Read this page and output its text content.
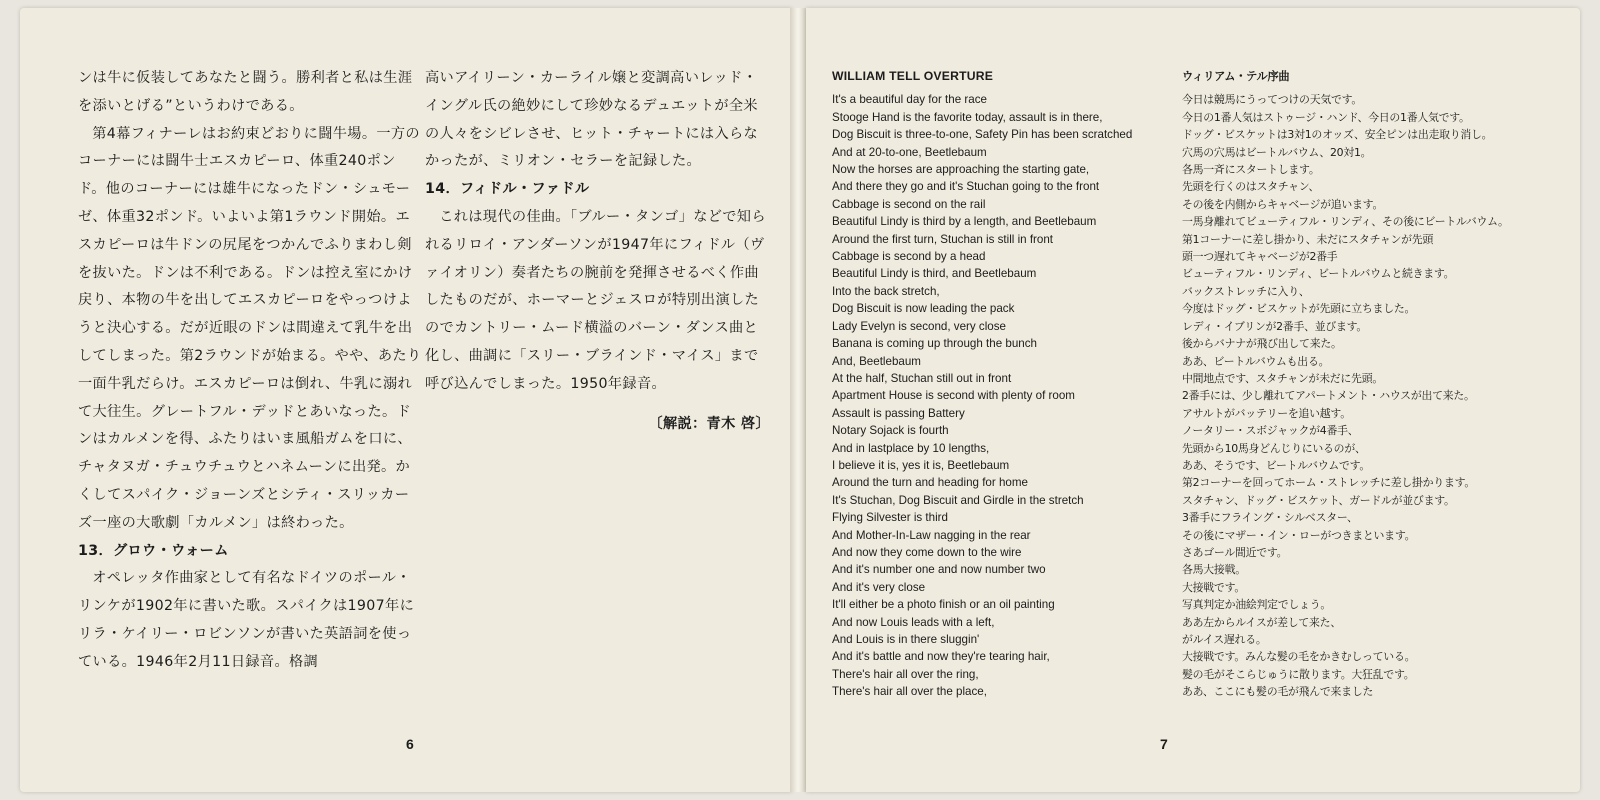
ンは牛に仮装してあなたと闘う。勝利者と私は生涯を添いとげる”というわけである。

第4幕フィナーレはお約束どおりに闘牛場。一方のコーナーには闘牛士エスカピーロ、体重240ポンド。他のコーナーには雄牛になったドン・シュモーゼ、体重32ポンド。いよいよ第1ラウンド開始。エスカピーロは牛ドンの尻尾をつかんでふりまわし剣を抜いた。ドンは不利である。ドンは控え室にかけ戻り、本物の牛を出してエスカピーロをやっつけようと決心する。だが近眼のドンは間違えて乳牛を出してしまった。第2ラウンドが始まる。やや、あたり一面牛乳だらけ。エスカピーロは倒れ、牛乳に溺れて大往生。グレートフル・デッドとあいなった。ドンはカルメンを得、ふたりはいま風船ガムを口に、チャタヌガ・チュウチュウとハネムーンに出発。かくしてスパイク・ジョーンズとシティ・スリッカーズ一座の大歌劇「カルメン」は終わった。

13．グロウ・ウォーム

オペレッタ作曲家として有名なドイツのポール・リンケが1902年に書いた歌。スパイクは1907年にリラ・ケイリー・ロビンソンが書いた英語詞を使っている。1946年2月11日録音。格調

高いアイリーン・カーライル嬢と変調高いレッド・イングル氏の絶妙にして珍妙なるデュエットが全米の人々をシビレさせ、ヒット・チャートには入らなかったが、ミリオン・セラーを記録した。

14．フィドル・ファドル

これは現代の佳曲。「ブルー・タンゴ」などで知られるリロイ・アンダーソンが1947年にフィドル（ヴァイオリン）奏者たちの腕前を発揮させるべく作曲したものだが、ホーマーとジェスロが特別出演したのでカントリー・ムード横溢のバーン・ダンス曲と化し、曲調に「スリー・ブラインド・マイス」まで呼び込んでしまった。1950年録音。

〔解説：青木 啓〕

6
WILLIAM TELL OVERTURE
It's a beautiful day for the race
Stooge Hand is the favorite today, assault is in there,
Dog Biscuit is three-to-one, Safety Pin has been scratched
And at 20-to-one, Beetlebaum
Now the horses are approaching the starting gate,
And there they go and it's Stuchan going to the front
Cabbage is second on the rail
Beautiful Lindy is third by a length, and Beetlebaum
Around the first turn, Stuchan is still in front
Cabbage is second by a head
Beautiful Lindy is third, and Beetlebaum
Into the back stretch,
Dog Biscuit is now leading the pack
Lady Evelyn is second, very close
Banana is coming up through the bunch
And, Beetlebaum
At the half, Stuchan still out in front
Apartment House is second with plenty of room
Assault is passing Battery
Notary Sojack is fourth
And in lastplace by 10 lengths,
I believe it is, yes it is, Beetlebaum
Around the turn and heading for home
It's Stuchan, Dog Biscuit and Girdle in the stretch
Flying Silvester is third
And Mother-In-Law nagging in the rear
And now they come down to the wire
And it's number one and now number two
And it's very close
It'll either be a photo finish or an oil painting
And now Louis leads with a left,
And Louis is in there sluggin'
And it's battle and now they're tearing hair,
There's hair all over the ring,
There's hair all over the place,
ウィリアム・テル序曲
今日は競馬にうってつけの天気です。
今日の1番人気はストゥージ・ハンド、今日の1番人気です。
ドッグ・ビスケットは3対1のオッズ、安全ピンは出走取り消し。
穴馬の穴馬はビートルバウム、20対1。
各馬一斉にスタートします。
先頭を行くのはスタチャン、
その後を内側からキャベージが追います。
一馬身離れてビューティフル・リンディ、その後にビートルバウム。
第1コーナーに差し掛かり、未だにスタチャンが先頭
頭一つ遅れてキャベージが2番手
ビューティフル・リンディ、ビートルバウムと続きます。
バックストレッチに入り、
今度はドッグ・ビスケットが先頭に立ちました。
レディ・イブリンが2番手、並びます。
後からバナナが飛び出して来た。
ああ、ビートルバウムも出る。
中間地点です、スタチャンが未だに先頭。
2番手には、少し離れてアパートメント・ハウスが出て来た。
アサルトがバッテリーを追い越す。
ノータリー・スボジャックが4番手、
先頭から10馬身どんじりにいるのが、
ああ、そうです、ビートルバウムです。
第2コーナーを回ってホーム・ストレッチに差し掛かります。
スタチャン、ドッグ・ビスケット、ガードルが並びます。
3番手にフライング・シルベスター、
その後にマザー・イン・ローがつきまといます。
さあゴール間近です。
各馬大接戦。
大接戦です。
写真判定か油絵判定でしょう。
ああ左からルイスが差して来た、
がルイス遅れる。
大接戦です。みんな髪の毛をかきむしっている。
髪の毛がそこらじゅうに散ります。大狂乱です。
ああ、ここにも髪の毛が飛んで来ました
7
